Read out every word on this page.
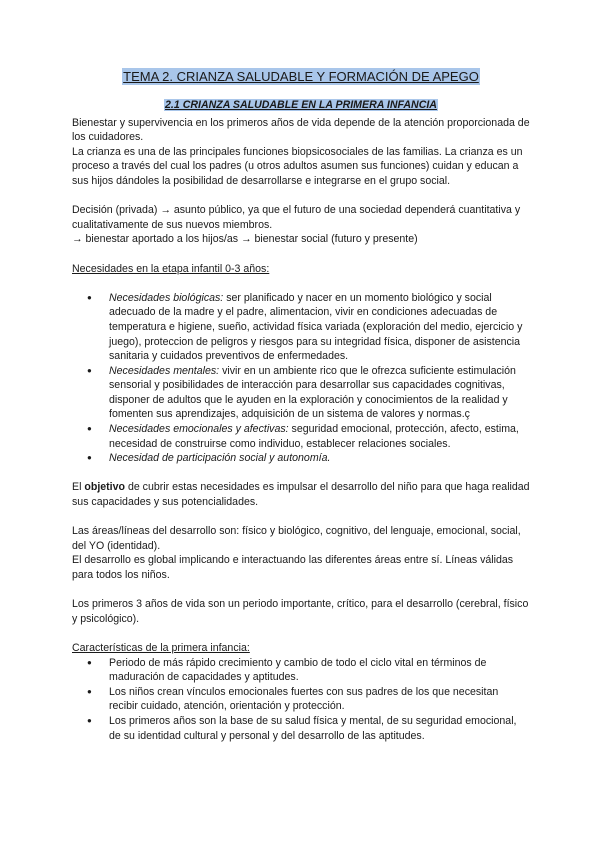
TEMA 2. CRIANZA SALUDABLE Y FORMACIÓN DE APEGO
2.1 CRIANZA SALUDABLE EN LA PRIMERA INFANCIA

Bienestar y supervivencia en los primeros años de vida depende de la atención proporcionada de los cuidadores.

La crianza es una de las principales funciones biopsicosociales de las familias. La crianza es un proceso a través del cual los padres (u otros adultos asumen sus funciones) cuidan y educan a sus hijos dándoles la posibilidad de desarrollarse e integrarse en el grupo social.

Decisión (privada) → asunto público, ya que el futuro de una sociedad dependerá cuantitativa y cualitativamente de sus nuevos miembros.

→ bienestar aportado a los hijos/as → bienestar social (futuro y presente)

Necesidades en la etapa infantil 0-3 años:

● Necesidades biológicas: ser planificado y nacer en un momento biológico y social adecuado de la madre y el padre, alimentacion, vivir en condiciones adecuadas de temperatura e higiene, sueño, actividad física variada (exploración del medio, ejercicio y juego), proteccion de peligros y riesgos para su integridad física, disponer de asistencia sanitaria y cuidados preventivos de enfermedades.
● Necesidades mentales: vivir en un ambiente rico que le ofrezca suficiente estimulación sensorial y posibilidades de interacción para desarrollar sus capacidades cognitivas, disponer de adultos que le ayuden en la exploración y conocimientos de la realidad y fomenten sus aprendizajes, adquisición de un sistema de valores y normas.ç
● Necesidades emocionales y afectivas: seguridad emocional, protección, afecto, estima, necesidad de construirse como individuo, establecer relaciones sociales.
● Necesidad de participación social y autonomía.

El objetivo de cubrir estas necesidades es impulsar el desarrollo del niño para que haga realidad sus capacidades y sus potencialidades.

Las áreas/líneas del desarrollo son: físico y biológico, cognitivo, del lenguaje, emocional, social, del YO (identidad).

El desarrollo es global implicando e interactuando las diferentes áreas entre sí. Líneas válidas para todos los niños.

Los primeros 3 años de vida son un periodo importante, crítico, para el desarrollo (cerebral, físico y psicológico).

Características de la primera infancia:

● Periodo de más rápido crecimiento y cambio de todo el ciclo vital en términos de maduración de capacidades y aptitudes.
● Los niños crean vínculos emocionales fuertes con sus padres de los que necesitan recibir cuidado, atención, orientación y protección.
● Los primeros años son la base de su salud física y mental, de su seguridad emocional, de su identidad cultural y personal y del desarrollo de las aptitudes.
